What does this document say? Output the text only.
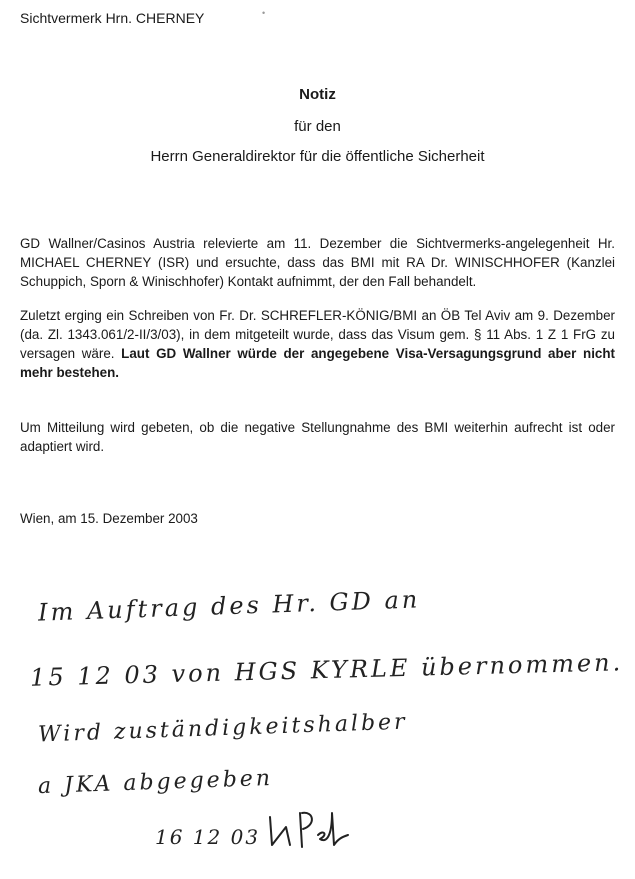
Sichtvermerk Hrn. CHERNEY	•
Notiz
für den
Herrn Generaldirektor für die öffentliche Sicherheit

GD Wallner/Casinos Austria relevierte am 11. Dezember die Sichtvermerks-angelegenheit Hr. MICHAEL CHERNEY (ISR) und ersuchte, dass das BMI mit RA Dr. WINISCHHOFER (Kanzlei Schuppich, Sporn & Winischhofer) Kontakt aufnimmt, der den Fall behandelt.

Zuletzt erging ein Schreiben von Fr. Dr. SCHREFLER-KÖNIG/BMI an ÖB Tel Aviv am 9. Dezember (da. Zl. 1343.061/2-II/3/03), in dem mitgeteilt wurde, dass das Visum gem. § 11 Abs. 1 Z 1 FrG zu versagen wäre. Laut GD Wallner würde der angegebene Visa-Versagungsgrund aber nicht mehr bestehen.

Um Mitteilung wird gebeten, ob die negative Stellungnahme des BMI weiterhin aufrecht ist oder adaptiert wird.

Wien, am 15. Dezember 2003

Im Auftrag des Hr. GD an

15 12 03 von HGS KYRLE übernommen.

Wird zuständigkeitshalber

a JKA abgegeben

16 12 03
